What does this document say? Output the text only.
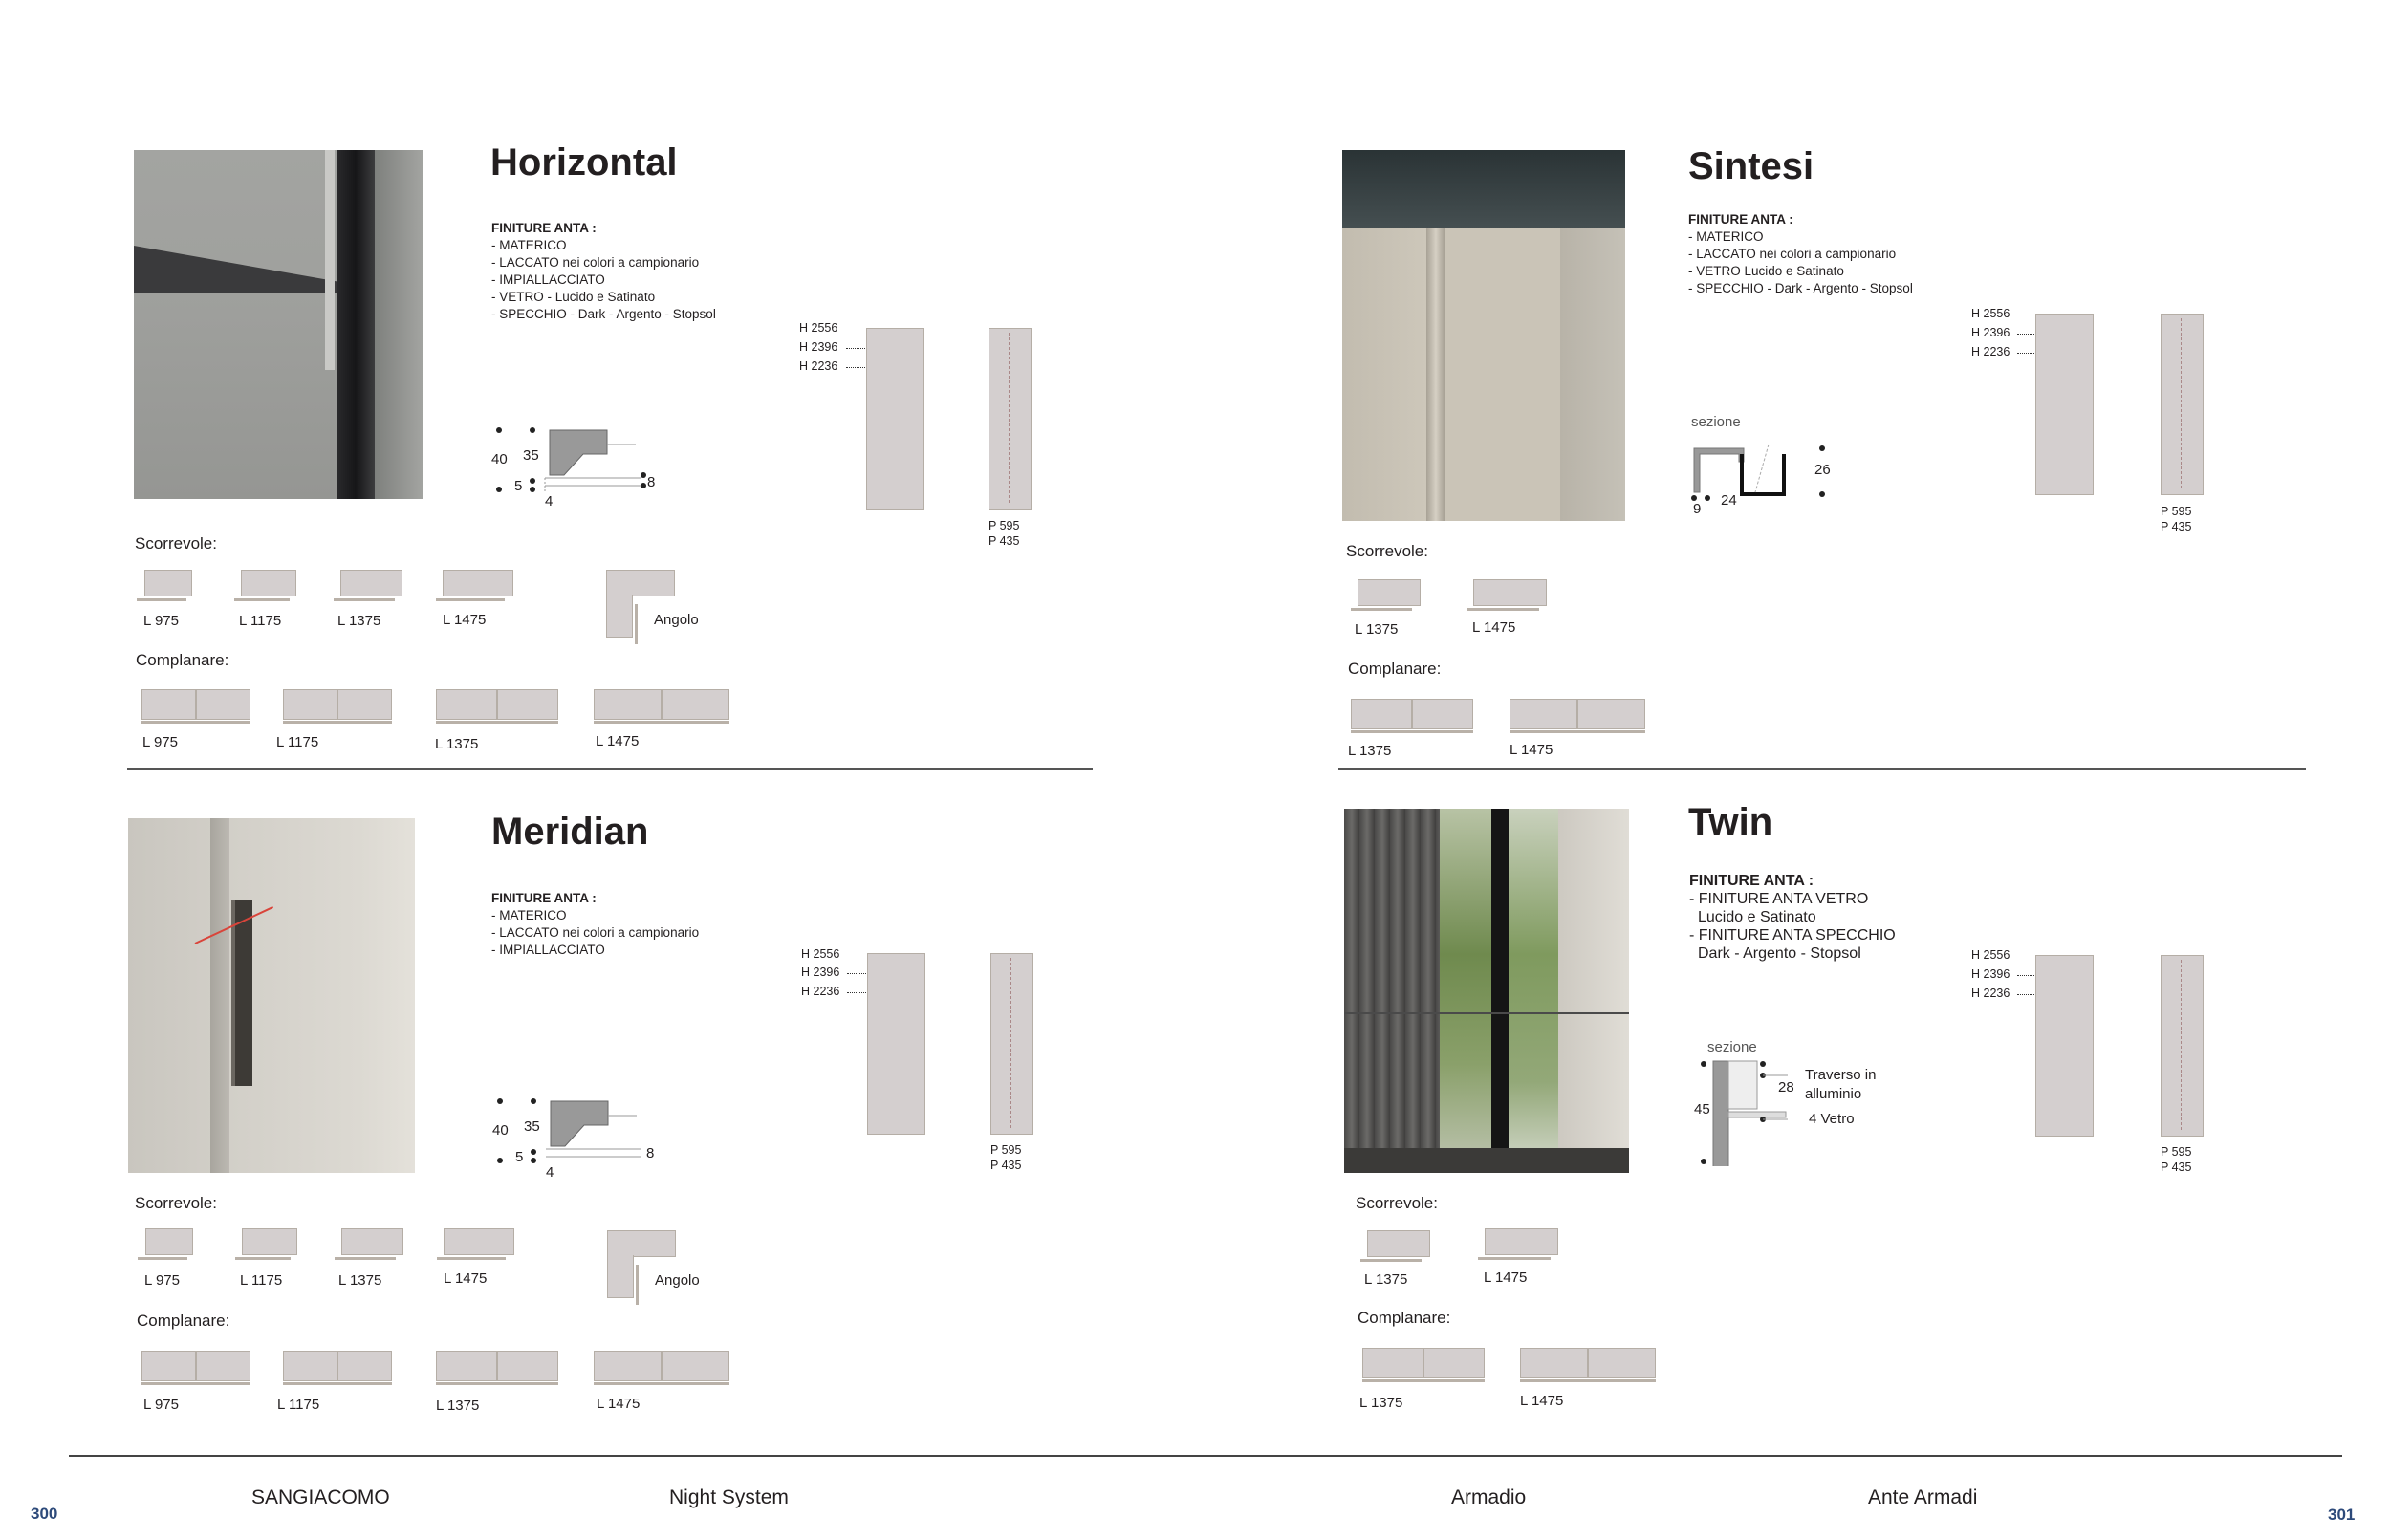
Horizontal
FINITURE ANTA :
- MATERICO
- LACCATO nei colori a campionario
- IMPIALLACCIATO
- VETRO - Lucido e Satinato
- SPECCHIO - Dark - Argento - Stopsol
H 2556
H 2396
H 2236
P 595
P 435
40 35
5
4
8
Scorrevole:
L 975	L 1175	L 1375	L 1475	Angolo
Complanare:
L 975	L 1175	L 1375	L 1475
Sintesi
FINITURE ANTA :
- MATERICO
- LACCATO nei colori a campionario
- VETRO Lucido e Satinato
- SPECCHIO - Dark - Argento - Stopsol
H 2556
H 2396
H 2236
P 595
P 435
sezione
26
24
9
Scorrevole:
L 1375	L 1475
Complanare:
L 1375	L 1475
Meridian
FINITURE ANTA :
- MATERICO
- LACCATO nei colori a campionario
- IMPIALLACCIATO	H 2556
H 2396
H 2236
P 595
P 435
40 35
5
4
8
Scorrevole:
L 975	L 1175	L 1375	L 1475	Angolo
Complanare:
L 975	L 1175	L 1375	L 1475
Twin
FINITURE ANTA :
- FINITURE ANTA VETRO
Lucido e Satinato
- FINITURE ANTA SPECCHIO
Dark - Argento - Stopsol	H 2556
H 2396
H 2236
P 595
P 435
sezione
45
28
Traverso in
alluminio
4 Vetro
Scorrevole:
L 1375	L 1475
Complanare:
L 1375	L 1475
300
SANGIACOMO	Night System	Armadio	Ante Armadi
301
